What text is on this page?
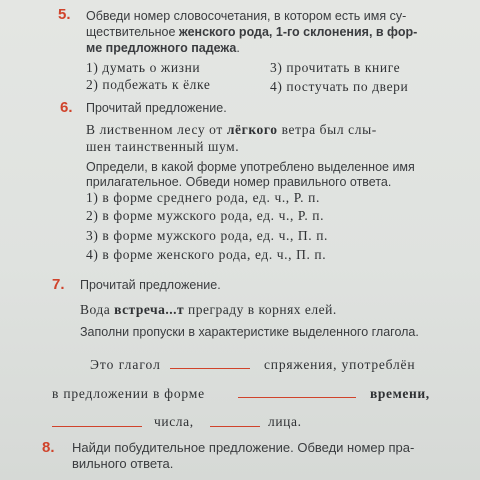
5. Обведи номер словосочетания, в котором есть имя су-
ществительное женского рода, 1-го склонения, в фор-
ме предложного падежа.
1) думать о жизни	3) прочитать в книге
2) подбежать к ёлке	4) постучать по двери
6. Прочитай предложение.
В лиственном лесу от лёгкого ветра был слы-
шен таинственный шум.
Определи, в какой форме употреблено выделенное имя
прилагательное. Обведи номер правильного ответа.
1) в форме среднего рода, ед. ч., Р. п.
2) в форме мужского рода, ед. ч., Р. п.
3) в форме мужского рода, ед. ч., П. п.
4) в форме женского рода, ед. ч., П. п.
7. Прочитай предложение.
Вода встреча...т преграду в корнях елей.
Заполни пропуски в характеристике выделенного глагола.
Это глагол	спряжения, употреблён
в предложении в форме	времени,
числа,	лица.
8. Найди побудительное предложение. Обведи номер пра-
вильного ответа.
